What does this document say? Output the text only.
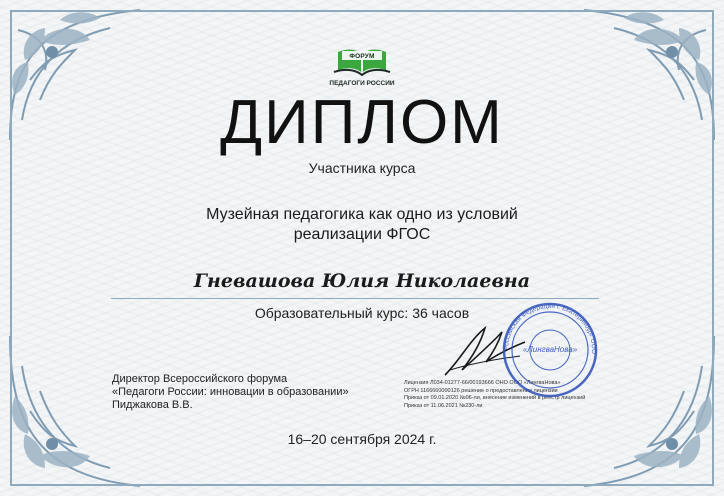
ФОРУМ
ПЕДАГОГИ РОССИИ
ДИПЛОМ
Участника курса
Музейная педагогика как одно из условий
реализации ФГОС
Гневашова Юлия Николаевна
Образовательный курс: 36 часов
Директор Всероссийского форума
«Педагоги России: инновации в образовании»
Пиджакова В.В.
Лицензия Л034-01277-66/00193666 ОНО ООО «ЛингваНова»
ОГРН 1166660000126 решение о предоставлении лицензии
Приказ от 09.01.2020 №06-ли, внесение изменений в реестр лицензий
Приказ от 11.06.2021 №230-ли
Российская Федерация г. Екатеринбург ООО
«ЛингваНова»
16–20 сентября 2024 г.
